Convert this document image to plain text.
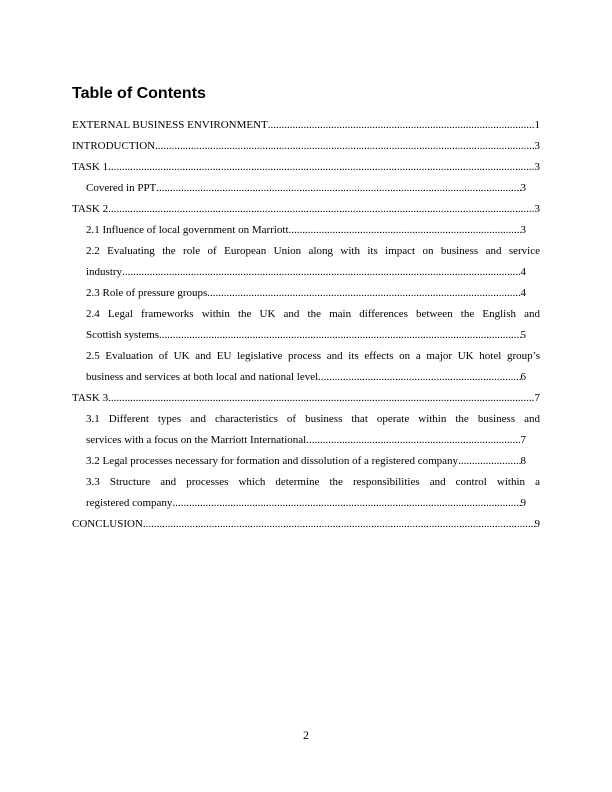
Table of Contents
EXTERNAL BUSINESS ENVIRONMENT .....	1
INTRODUCTION .....	3
TASK 1 .....	3
Covered in PPT .....	3
TASK 2 .....	3
2.1 Influence of local government on Marriott .....	3
2.2 Evaluating the role of European Union along with its impact on business and service
industry .....	4
2.3 Role of pressure groups .....	4
2.4 Legal frameworks within the UK and the main differences between the English and
Scottish systems .....	5
2.5 Evaluation of UK and EU legislative process and its effects on a major UK hotel group’s
business and services at both local and national level .....	6
TASK 3 .....	7
3.1 Different types and characteristics of business that operate within the business and
services with a focus on the Marriott International .....	7
3.2 Legal processes necessary for formation and dissolution of a registered company .....	8
3.3 Structure and processes which determine the responsibilities and control within a
registered company .....	9
CONCLUSION .....	9
2
